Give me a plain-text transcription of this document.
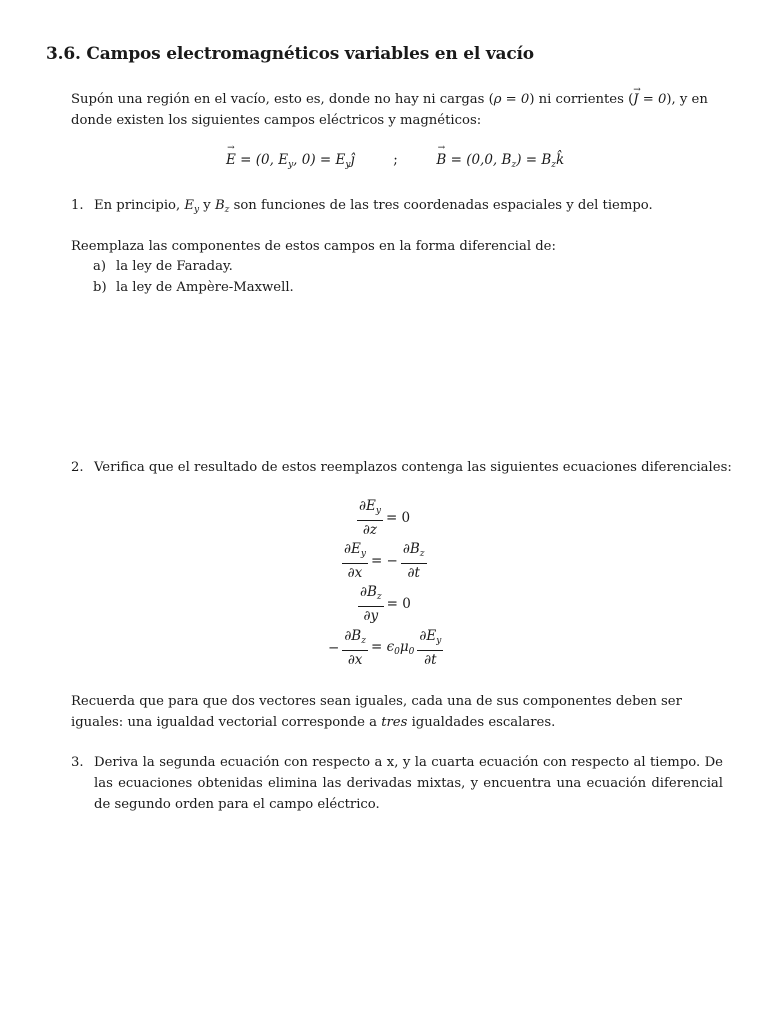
3.6. Campos electromagnéticos variables en el vacío
Supón una región en el vacío, esto es, donde no hay ni cargas (ρ = 0) ni corrientes (J → = 0), y en donde existen los siguientes campos eléctricos y magnéticos:
E → = (0, $E_y$, $0) = E_yĵ$	;	B → = (0,0, $B_z$) = $B_zk̂$
1. En principio, $E_y$ y $B_z$ son funciones de las tres coordenadas espaciales y del tiempo.
Reemplaza las componentes de estos campos en la forma diferencial de:
a) la ley de Faraday.
b) la ley de Ampère-Maxwell.
2. Verifica que el resultado de estos reemplazos contenga las siguientes ecuaciones diferenciales:
$\frac{\partial E_y}{\partial z} = 0$
$\frac{\partial E_y}{\partial x}$ = − $\frac{\partial B_z}{\partial t}$
$\frac{\partial B_z}{\partial y} = 0$
− $\frac{\partial B_z}{\partial x} = \epsilon_0\mu_0 \frac{\partial E_y}{\partial t}$
Recuerda que para que dos vectores sean iguales, cada una de sus componentes deben ser iguales: una igualdad vectorial corresponde a tres igualdades escalares.
3. Deriva la segunda ecuación con respecto a x, y la cuarta ecuación con respecto al tiempo. De las ecuaciones obtenidas elimina las derivadas mixtas, y encuentra una ecuación diferencial de segundo orden para el campo eléctrico.
